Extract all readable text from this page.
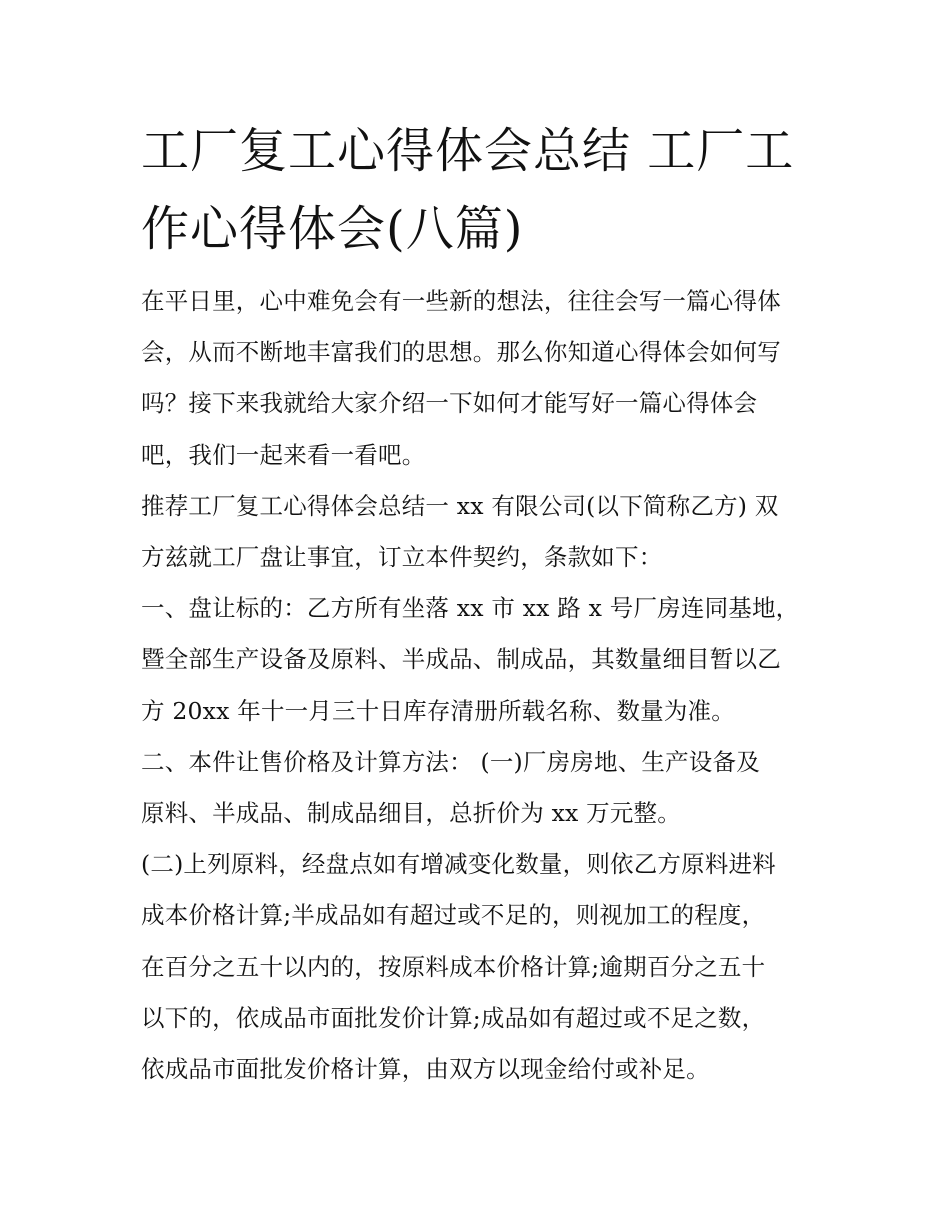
工厂复工心得体会总结 工厂工
作心得体会(八篇)

在平日里，心中难免会有一些新的想法，往往会写一篇心得体
会，从而不断地丰富我们的思想。那么你知道心得体会如何写
吗？接下来我就给大家介绍一下如何才能写好一篇心得体会
吧，我们一起来看一看吧。

推荐工厂复工心得体会总结一 xx 有限公司(以下简称乙方) 双
方兹就工厂盘让事宜，订立本件契约，条款如下：

一、盘让标的：乙方所有坐落 xx 市 xx 路 x 号厂房连同基地，
暨全部生产设备及原料、半成品、制成品，其数量细目暂以乙
方 20xx 年十一月三十日库存清册所载名称、数量为准。

二、本件让售价格及计算方法： (一)厂房房地、生产设备及
原料、半成品、制成品细目，总折价为 xx 万元整。

(二)上列原料，经盘点如有增减变化数量，则依乙方原料进料
成本价格计算;半成品如有超过或不足的，则视加工的程度，
在百分之五十以内的，按原料成本价格计算;逾期百分之五十
以下的，依成品市面批发价计算;成品如有超过或不足之数，
依成品市面批发价格计算，由双方以现金给付或补足。
